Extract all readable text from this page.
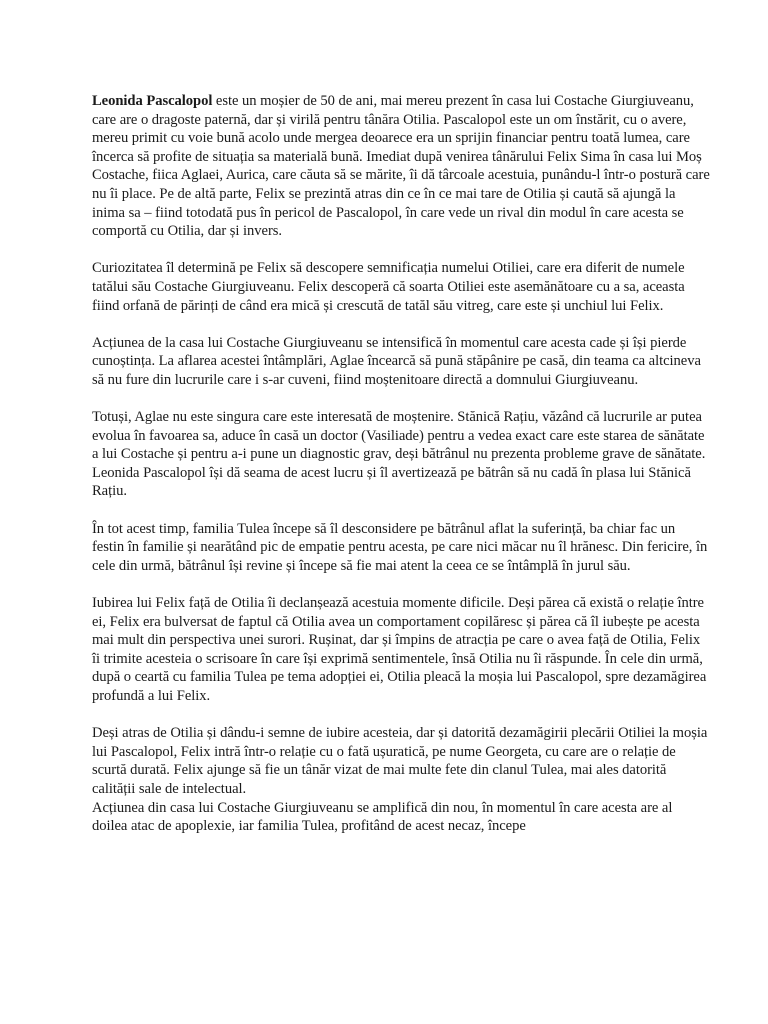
Leonida Pascalopol este un moșier de 50 de ani, mai mereu prezent în casa lui Costache Giurgiuveanu, care are o dragoste paternă, dar și virilă pentru tânăra Otilia. Pascalopol este un om înstărit, cu o avere, mereu primit cu voie bună acolo unde mergea deoarece era un sprijin financiar pentru toată lumea, care încerca să profite de situația sa materială bună. Imediat după venirea tânărului Felix Sima în casa lui Moș Costache, fiica Aglaei, Aurica, care căuta să se mărite, îi dă târcoale acestuia, punându-l într-o postură care nu îi place. Pe de altă parte, Felix se prezintă atras din ce în ce mai tare de Otilia și caută să ajungă la inima sa – fiind totodată pus în pericol de Pascalopol, în care vede un rival din modul în care acesta se comportă cu Otilia, dar și invers.

Curiozitatea îl determină pe Felix să descopere semnificația numelui Otiliei, care era diferit de numele tatălui său Costache Giurgiuveanu. Felix descoperă că soarta Otiliei este asemănătoare cu a sa, aceasta fiind orfană de părinți de când era mică și crescută de tatăl său vitreg, care este și unchiul lui Felix.

Acțiunea de la casa lui Costache Giurgiuveanu se intensifică în momentul care acesta cade și își pierde cunoștința. La aflarea acestei întâmplări, Aglae încearcă să pună stăpânire pe casă, din teama ca altcineva să nu fure din lucrurile care i s-ar cuveni, fiind moștenitoare directă a domnului Giurgiuveanu.

Totuși, Aglae nu este singura care este interesată de moștenire. Stănică Rațiu, văzând că lucrurile ar putea evolua în favoarea sa, aduce în casă un doctor (Vasiliade) pentru a vedea exact care este starea de sănătate a lui Costache și pentru a-i pune un diagnostic grav, deși bătrânul nu prezenta probleme grave de sănătate. Leonida Pascalopol își dă seama de acest lucru și îl avertizează pe bătrân să nu cadă în plasa lui Stănică Rațiu.

În tot acest timp, familia Tulea începe să îl desconsidere pe bătrânul aflat la suferință, ba chiar fac un festin în familie și nearătând pic de empatie pentru acesta, pe care nici măcar nu îl hrănesc. Din fericire, în cele din urmă, bătrânul își revine și începe să fie mai atent la ceea ce se întâmplă în jurul său.

Iubirea lui Felix față de Otilia îi declanșează acestuia momente dificile. Deși părea că există o relație între ei, Felix era bulversat de faptul că Otilia avea un comportament copilăresc și părea că îl iubește pe acesta mai mult din perspectiva unei surori. Rușinat, dar și împins de atracția pe care o avea față de Otilia, Felix îi trimite acesteia o scrisoare în care își exprimă sentimentele, însă Otilia nu îi răspunde. În cele din urmă, după o ceartă cu familia Tulea pe tema adopției ei, Otilia pleacă la moșia lui Pascalopol, spre dezamăgirea profundă a lui Felix.

Deși atras de Otilia și dându-i semne de iubire acesteia, dar și datorită dezamăgirii plecării Otiliei la moșia lui Pascalopol, Felix intră într-o relație cu o fată ușuratică, pe nume Georgeta, cu care are o relație de scurtă durată. Felix ajunge să fie un tânăr vizat de mai multe fete din clanul Tulea, mai ales datorită calității sale de intelectual.

Acțiunea din casa lui Costache Giurgiuveanu se amplifică din nou, în momentul în care acesta are al doilea atac de apoplexie, iar familia Tulea, profitând de acest necaz, începe
